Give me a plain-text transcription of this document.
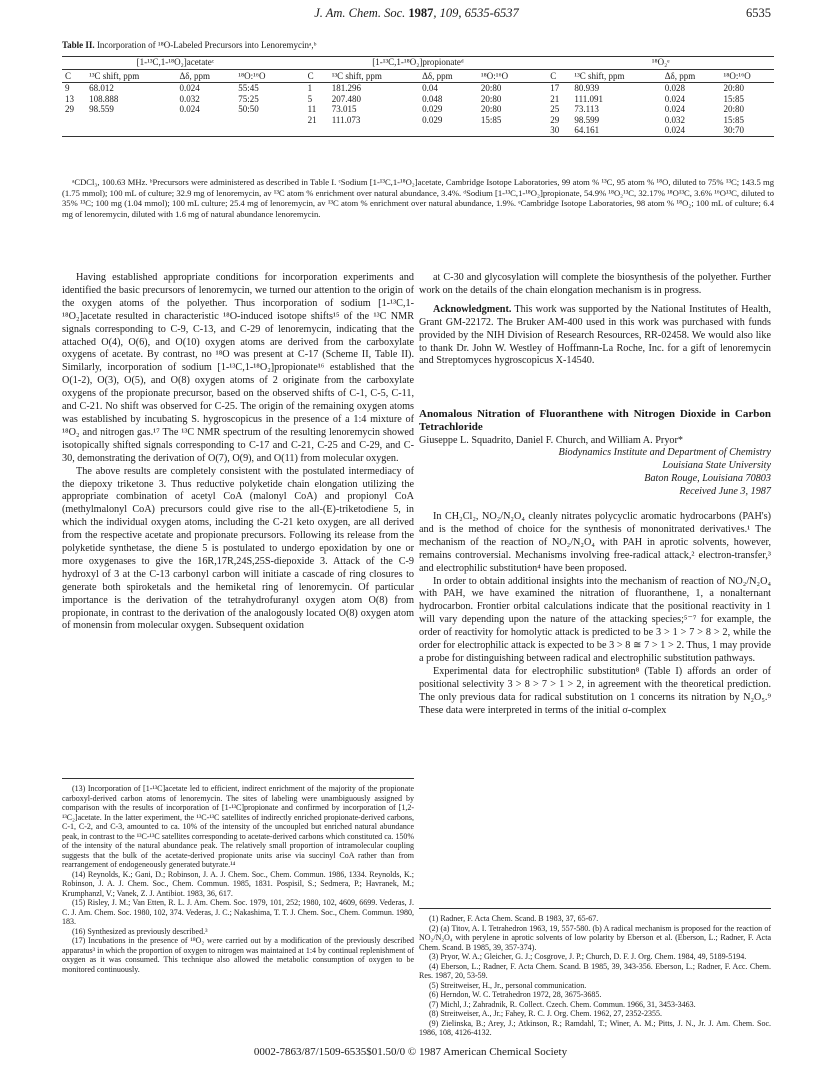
J. Am. Chem. Soc. 1987, 109, 6535-6537	6535
Table II. Incorporation of ¹⁸O-Labeled Precursors into Lenoremycinᵃ,ᵇ
[1-¹³C,1-¹⁸O₂]acetateᶜ					[1-¹³C,1-¹⁸O₂]propionateᵈ					¹⁸O₂ᵉ			
C	¹³C shift, ppm	Δδ, ppm	¹⁸O:¹⁶O		C	¹³C shift, ppm	Δδ, ppm	¹⁸O:¹⁶O		C	¹³C shift, ppm	Δδ, ppm	¹⁸O:¹⁶O
9	68.012	0.024	55:45		1	181.296	0.04	20:80		17	80.939	0.028	20:80
13	108.888	0.032	75:25		5	207.480	0.048	20:80		21	111.091	0.024	15:85
29	98.559	0.024	50:50		11	73.015	0.029	20:80		25	73.113	0.024	20:80
					21	111.073	0.029	15:85		29	98.599	0.032	15:85
										30	64.161	0.024	30:70
ᵃCDCl₃, 100.63 MHz. ᵇPrecursors were administered as described in Table I. ᶜSodium [1-¹³C,1-¹⁸O₂]acetate, Cambridge Isotope Laboratories, 99 atom % ¹³C, 95 atom % ¹⁸O, diluted to 75% ¹³C; 143.5 mg (1.75 mmol); 100 mL of culture; 32.9 mg of lenoremycin, av ¹³C atom % enrichment over natural abundance, 3.4%. ᵈSodium [1-¹³C,1-¹⁸O₂]propionate, 54.9% ¹⁸O₂¹³C, 32.17% ¹⁸O¹³C, 3.6% ¹⁶O¹³C, diluted to 35% ¹³C; 100 mg (1.04 mmol); 100 mL culture; 25.4 mg of lenoremycin, av ¹³C atom % enrichment over natural abundance, 1.9%. ᵉCambridge Isotope Laboratories, 98 atom % ¹⁸O₂; 100 mL of culture; 6.4 mg of lenoremycin, diluted with 1.6 mg of natural abundance lenoremycin.

Having established appropriate conditions for incorporation experiments and identified the basic precursors of lenoremycin, we turned our attention to the origin of the oxygen atoms of the polyether. Thus incorporation of sodium [1-¹³C,1-¹⁸O₂]acetate resulted in characteristic ¹⁸O-induced isotope shifts¹⁵ of the ¹³C NMR signals corresponding to C-9, C-13, and C-29 of lenoremycin, indicating that the attached O(4), O(6), and O(10) oxygen atoms are derived from the carboxylate oxygens of acetate. By contrast, no ¹⁸O was present at C-17 (Scheme II, Table II). Similarly, incorporation of sodium [1-¹³C,1-¹⁸O₂]propionate¹⁶ established that the O(1-2), O(3), O(5), and O(8) oxygen atoms of 2 originate from the carboxylate oxygens of the propionate precursor, based on the observed shifts of C-1, C-5, C-11, and C-21. No shift was observed for C-25. The origin of the remaining oxygen atoms was established by incubating S. hygroscopicus in the presence of a 1:4 mixture of ¹⁸O₂ and nitrogen gas.¹⁷ The ¹³C NMR spectrum of the resulting lenoremycin showed isotopically shifted signals corresponding to C-17 and C-21, C-25 and C-29, and C-30, demonstrating the derivation of O(7), O(9), and O(11) from molecular oxygen.

The above results are completely consistent with the postulated intermediacy of the diepoxy triketone 3. Thus reductive polyketide chain elongation utilizing the appropriate combination of acetyl CoA (malonyl CoA) and propionyl CoA (methylmalonyl CoA) precursors could give rise to the all-(E)-triketodiene 5, in which the individual oxygen atoms, including the C-21 keto oxygen, are all derived from the respective acetate and propionate precursors. Following its release from the polyketide synthetase, the diene 5 is postulated to undergo epoxidation by one or more oxygenases to give the 16R,17R,24S,25S-diepoxide 3. Attack of the C-9 hydroxyl of 3 at the C-13 carbonyl carbon will initiate a cascade of ring closures to generate both spiroketals and the hemiketal ring of lenoremycin. Of particular importance is the derivation of the tetrahydrofuranyl oxygen atom O(8) from propionate, in contrast to the derivation of the analogously located O(8) oxygen atom of monensin from molecular oxygen. Subsequent oxidation

(13) Incorporation of [1-¹³C]acetate led to efficient, indirect enrichment of the majority of the propionate carboxyl-derived carbon atoms of lenoremycin. The sites of labeling were unambiguously assigned by comparison with the results of incorporation of [1-¹³C]propionate and confirmed by incorporation of [1,2-¹³C₂]acetate. In the latter experiment, the ¹³C-¹³C satellites of indirectly enriched propionate-derived carbons, C-1, C-2, and C-3, amounted to ca. 10% of the intensity of the uncoupled but enriched natural abundance peak, in contrast to the ¹³C-¹³C satellites corresponding to acetate-derived carbons which constituted ca. 150% of the intensity of the natural abundance peak. The relatively small proportion of intramolecular coupling suggests that the bulk of the acetate-derived propionate units arise via succinyl CoA rather than from rearrangement of endogeneously generated butyrate.¹⁴

(14) Reynolds, K.; Gani, D.; Robinson, J. A. J. Chem. Soc., Chem. Commun. 1986, 1334. Reynolds, K.; Robinson, J. A. J. Chem. Soc., Chem. Commun. 1985, 1831. Pospisil, S.; Sedmera, P.; Havranek, M.; Krumphanzl, V.; Vanek, Z. J. Antibiot. 1983, 36, 617.

(15) Risley, J. M.; Van Etten, R. L. J. Am. Chem. Soc. 1979, 101, 252; 1980, 102, 4609, 6699. Vederas, J. C. J. Am. Chem. Soc. 1980, 102, 374. Vederas, J. C.; Nakashima, T. T. J. Chem. Soc., Chem. Commun. 1980, 183.

(16) Synthesized as previously described.³

(17) Incubations in the presence of ¹⁸O₂ were carried out by a modification of the previously described apparatus³ in which the proportion of oxygen to nitrogen was maintained at 1:4 by continual replenishment of oxygen as it was consumed. This technique also allowed the metabolic consumption of oxygen to be monitored continuously.

at C-30 and glycosylation will complete the biosynthesis of the polyether. Further work on the details of the chain elongation mechanism is in progress.

Acknowledgment. This work was supported by the National Institutes of Health, Grant GM-22172. The Bruker AM-400 used in this work was purchased with funds provided by the NIH Division of Research Resources, RR-02458. We would also like to thank Dr. John W. Westley of Hoffmann-La Roche, Inc. for a gift of lenoremycin and Streptomyces hygroscopicus X-14540.

Anomalous Nitration of Fluoranthene with Nitrogen Dioxide in Carbon Tetrachloride

Giuseppe L. Squadrito, Daniel F. Church, and William A. Pryor*

Biodynamics Institute and Department of Chemistry

Louisiana State University

Baton Rouge, Louisiana 70803

Received June 3, 1987

In CH₂Cl₂, NO₂/N₂O₄ cleanly nitrates polycyclic aromatic hydrocarbons (PAH's) and is the method of choice for the synthesis of mononitrated derivatives.¹ The mechanism of the reaction of NO₂/N₂O₄ with PAH in aprotic solvents, however, remains controversial. Mechanisms involving free-radical attack,² electron-transfer,³ and electrophilic substitution⁴ have been proposed.

In order to obtain additional insights into the mechanism of reaction of NO₂/N₂O₄ with PAH, we have examined the nitration of fluoranthene, 1, a nonalternant hydrocarbon. Frontier orbital calculations indicate that the positional reactivity in 1 will vary depending upon the nature of the attacking species;⁵⁻⁷ for example, the order of reactivity for homolytic attack is predicted to be 3 > 1 > 7 > 8 > 2, while the order for electrophilic attack is expected to be 3 > 8 ≅ 7 > 1 > 2. Thus, 1 may provide a probe for distinguishing between radical and electrophilic substitution pathways.

Experimental data for electrophilic substitution⁸ (Table I) affords an order of positional selectivity 3 > 8 > 7 > 1 > 2, in agreement with the theoretical prediction. The only previous data for radical substitution on 1 concerns its nitration by N₂O₅.⁹ These data were interpreted in terms of the initial σ-complex

(1) Radner, F. Acta Chem. Scand. B 1983, 37, 65-67.

(2) (a) Titov, A. I. Tetrahedron 1963, 19, 557-580. (b) A radical mechanism is proposed for the reaction of NO₂/N₂O₄ with perylene in aprotic solvents of low polarity by Eberson et al. (Eberson, L.; Radner, F. Acta Chem. Scand. B 1985, 39, 357-374).

(3) Pryor, W. A.; Gleicher, G. J.; Cosgrove, J. P.; Church, D. F. J. Org. Chem. 1984, 49, 5189-5194.

(4) Eberson, L.; Radner, F. Acta Chem. Scand. B 1985, 39, 343-356. Eberson, L.; Radner, F. Acc. Chem. Res. 1987, 20, 53-59.

(5) Streitweiser, H., Jr., personal communication.

(6) Herndon, W. C. Tetrahedron 1972, 28, 3675-3685.

(7) Michl, J.; Zahradnik, R. Collect. Czech. Chem. Commun. 1966, 31, 3453-3463.

(8) Streitweiser, A., Jr.; Fahey, R. C. J. Org. Chem. 1962, 27, 2352-2355.

(9) Zielinska, B.; Arey, J.; Atkinson, R.; Ramdahl, T.; Winer, A. M.; Pitts, J. N., Jr. J. Am. Chem. Soc. 1986, 108, 4126-4132.

0002-7863/87/1509-6535$01.50/0 © 1987 American Chemical Society
